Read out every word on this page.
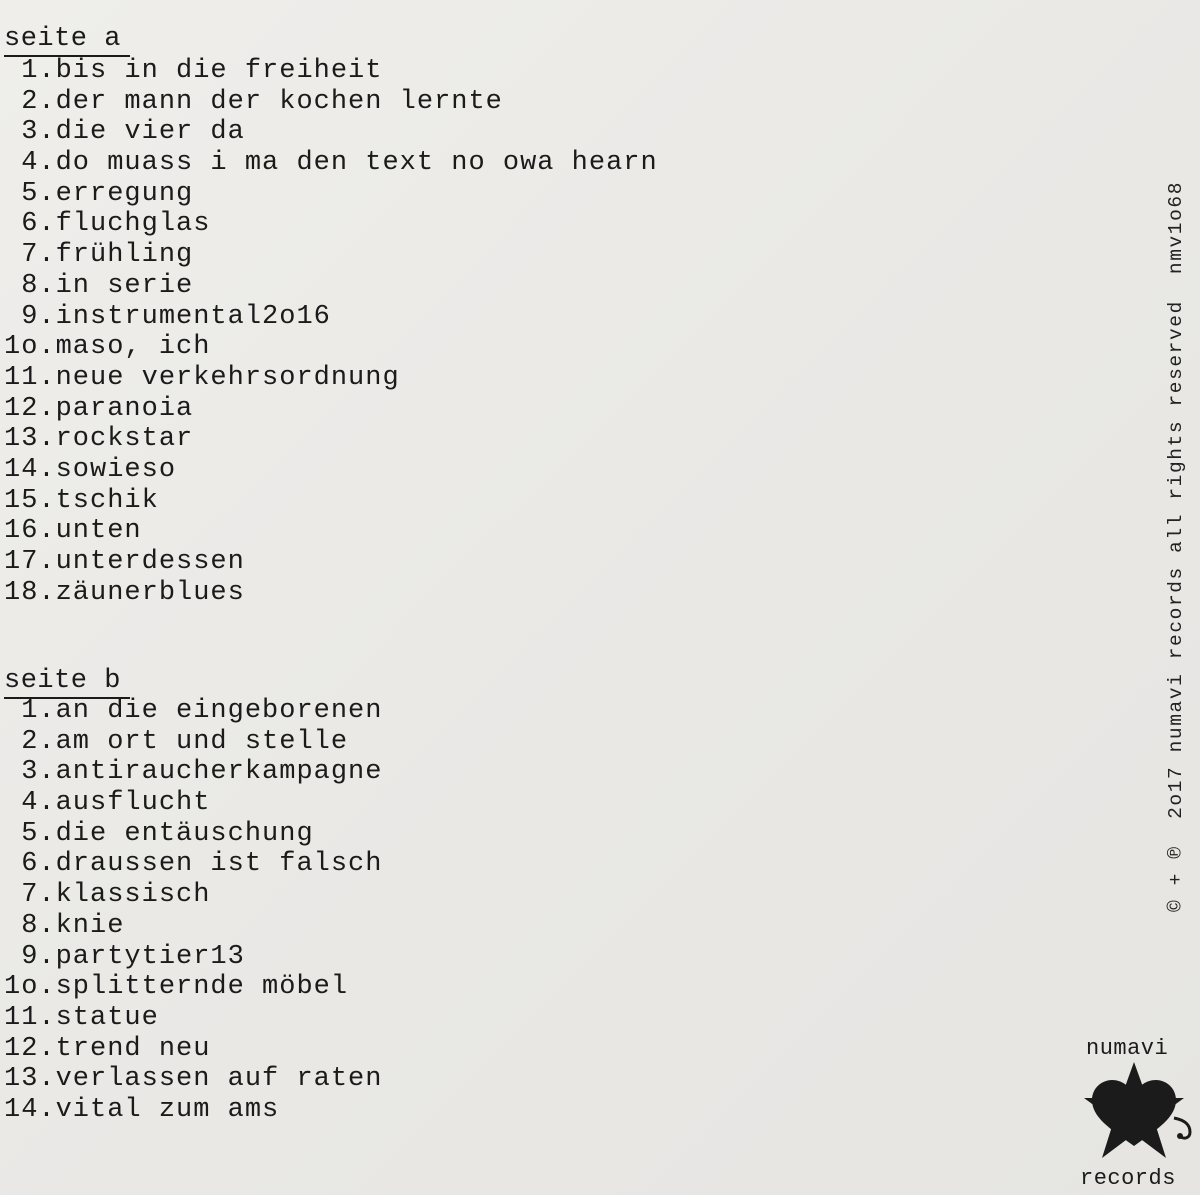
seite a
1.bis in die freiheit
2.der mann der kochen lernte
3.die vier da
4.do muass i ma den text no owa hearn
5.erregung
6.fluchglas
7.frühling
8.in serie
9.instrumental2o16
1o.maso, ich
11.neue verkehrsordnung
12.paranoia
13.rockstar
14.sowieso
15.tschik
16.unten
17.unterdessen
18.zäunerblues
seite b
1.an die eingeborenen
2.am ort und stelle
3.antiraucherkampagne
4.ausflucht
5.die entäuschung
6.draussen ist falsch
7.klassisch
8.knie
9.partytier13
1o.splitternde möbel
11.statue
12.trend neu
13.verlassen auf raten
14.vital zum ams
© + ℗  2o17 numavi records all rights reservednmv1o68
numavi
records
